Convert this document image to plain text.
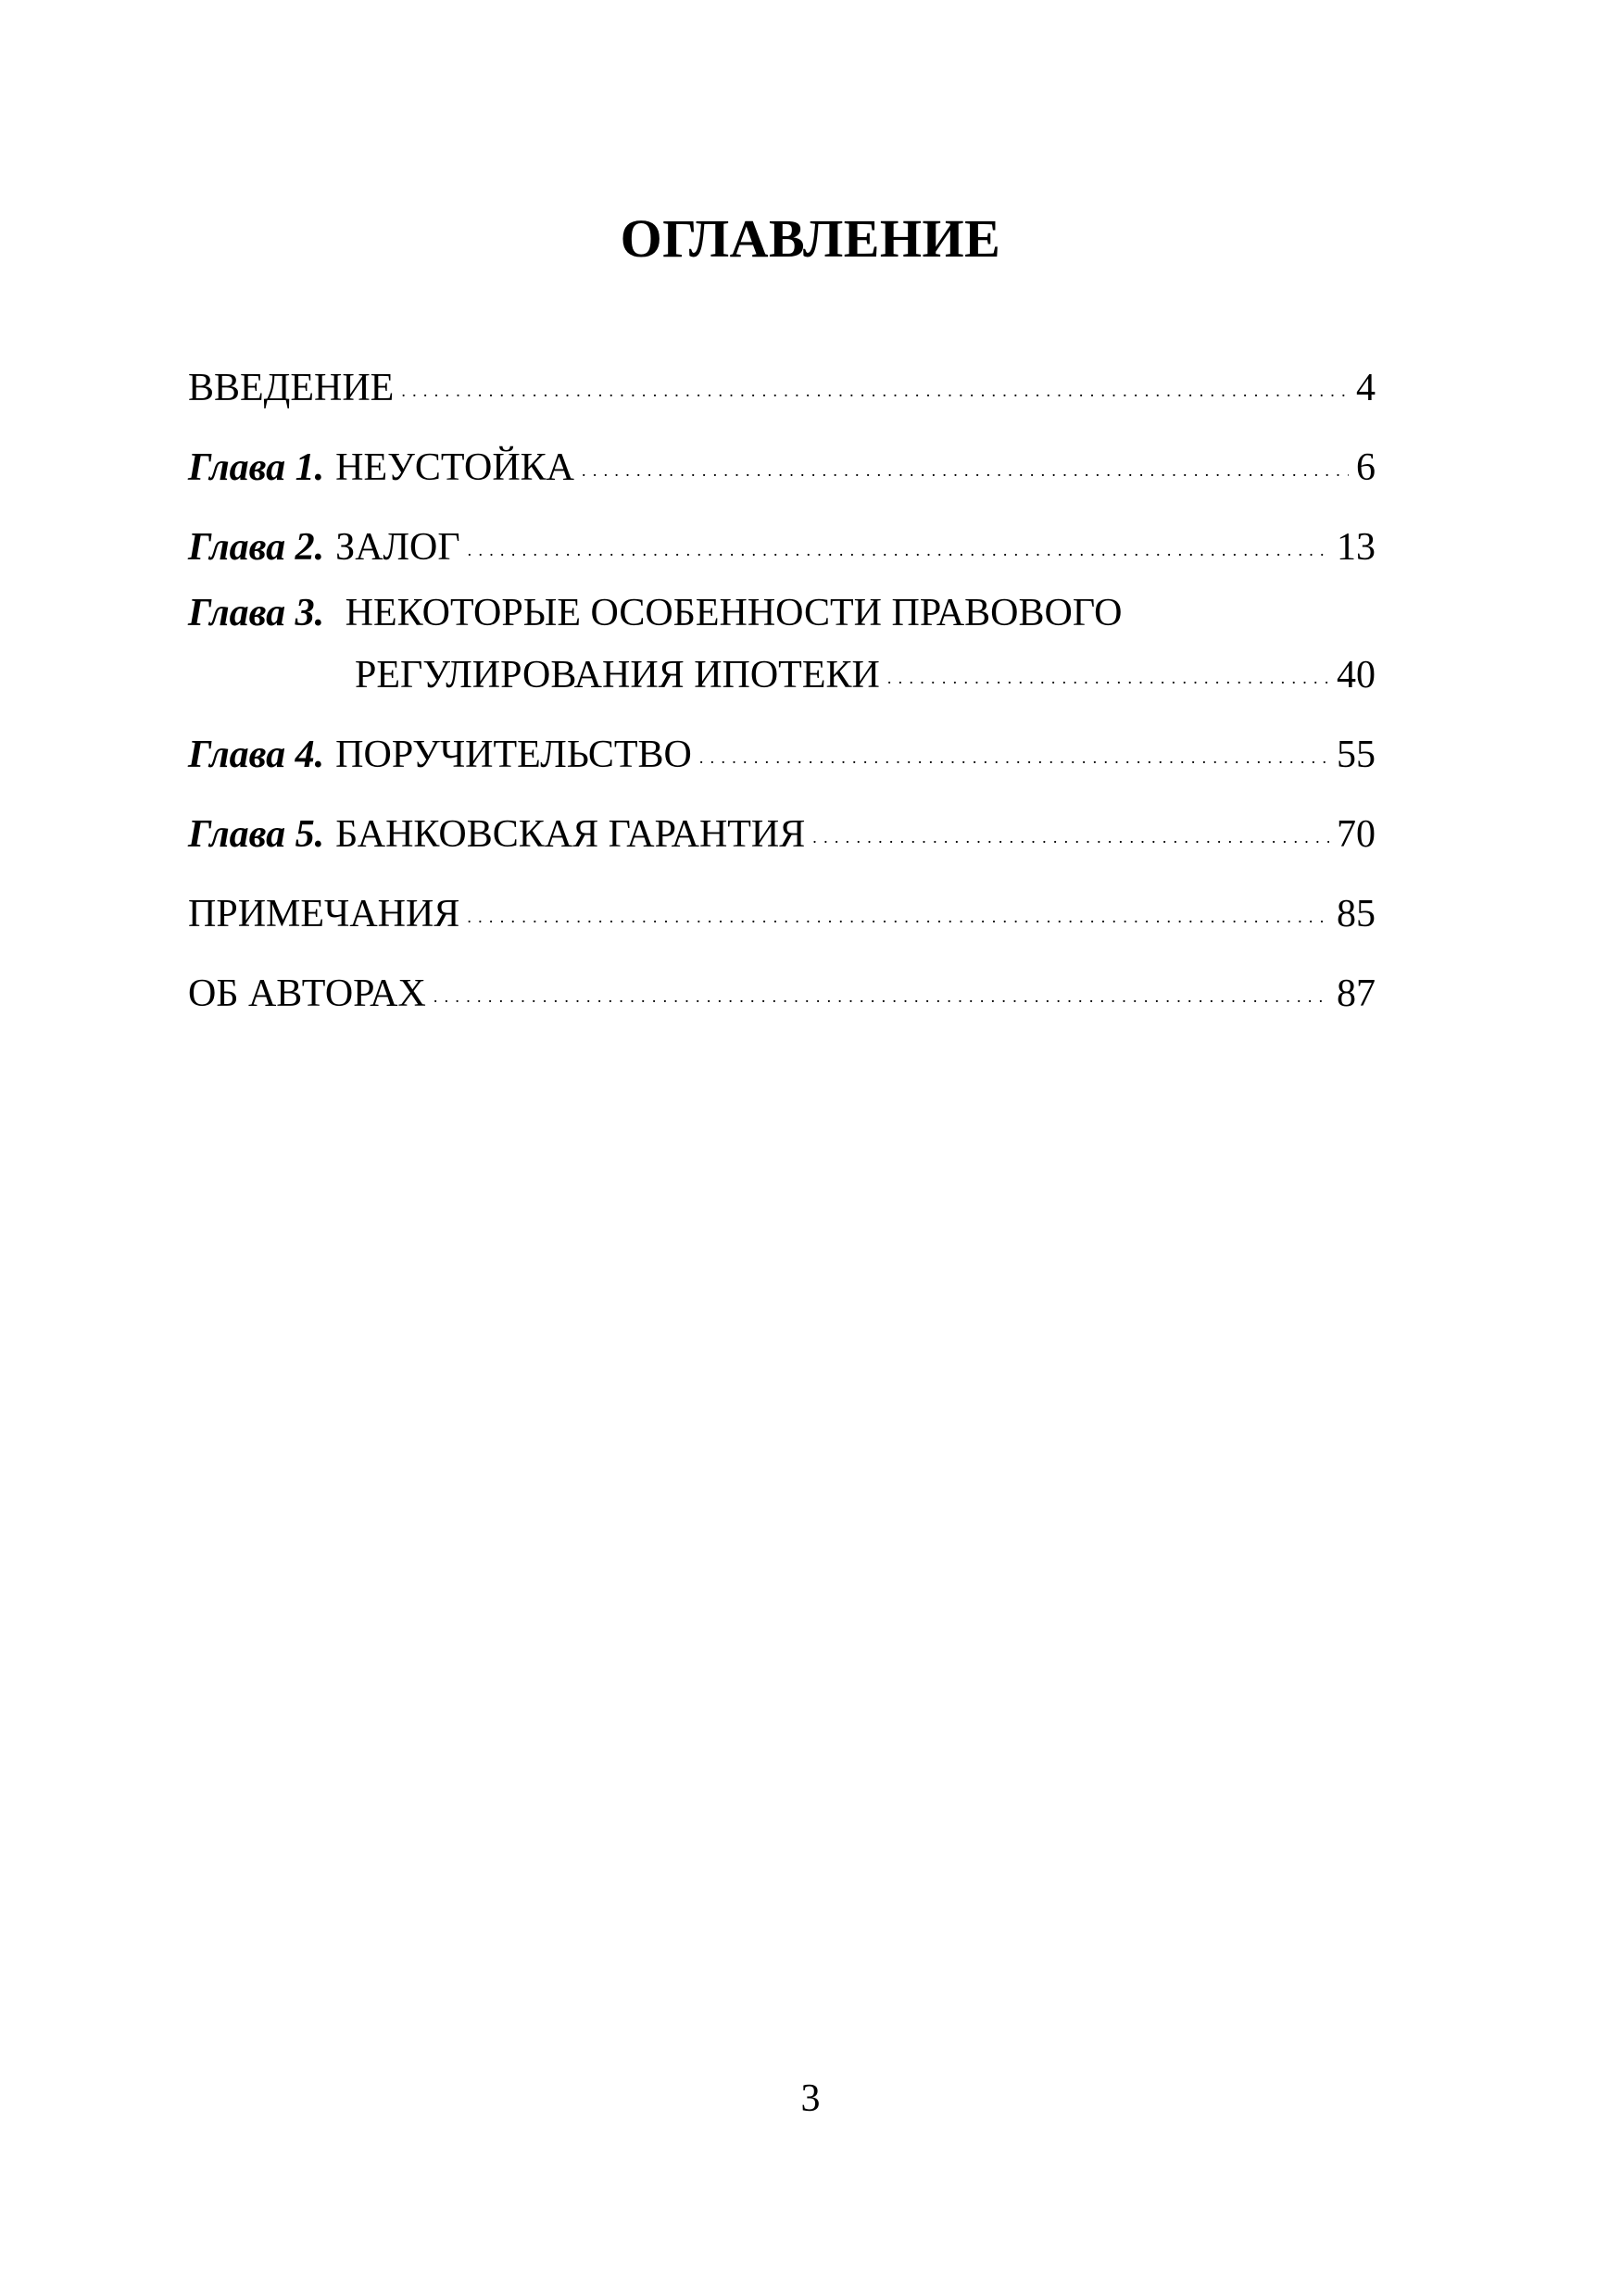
ОГЛАВЛЕНИЕ
ВВЕДЕНИЕ . . .	4
Глава 1. НЕУСТОЙКА . . .	6
Глава 2. ЗАЛОГ . . .	13
Глава 3. НЕКОТОРЫЕ ОСОБЕННОСТИ ПРАВОВОГО
РЕГУЛИРОВАНИЯ ИПОТЕКИ . . .	40
Глава 4. ПОРУЧИТЕЛЬСТВО . . .	55
Глава 5. БАНКОВСКАЯ ГАРАНТИЯ . . .	70
ПРИМЕЧАНИЯ . . .	85
ОБ АВТОРАХ . . .	87
3
